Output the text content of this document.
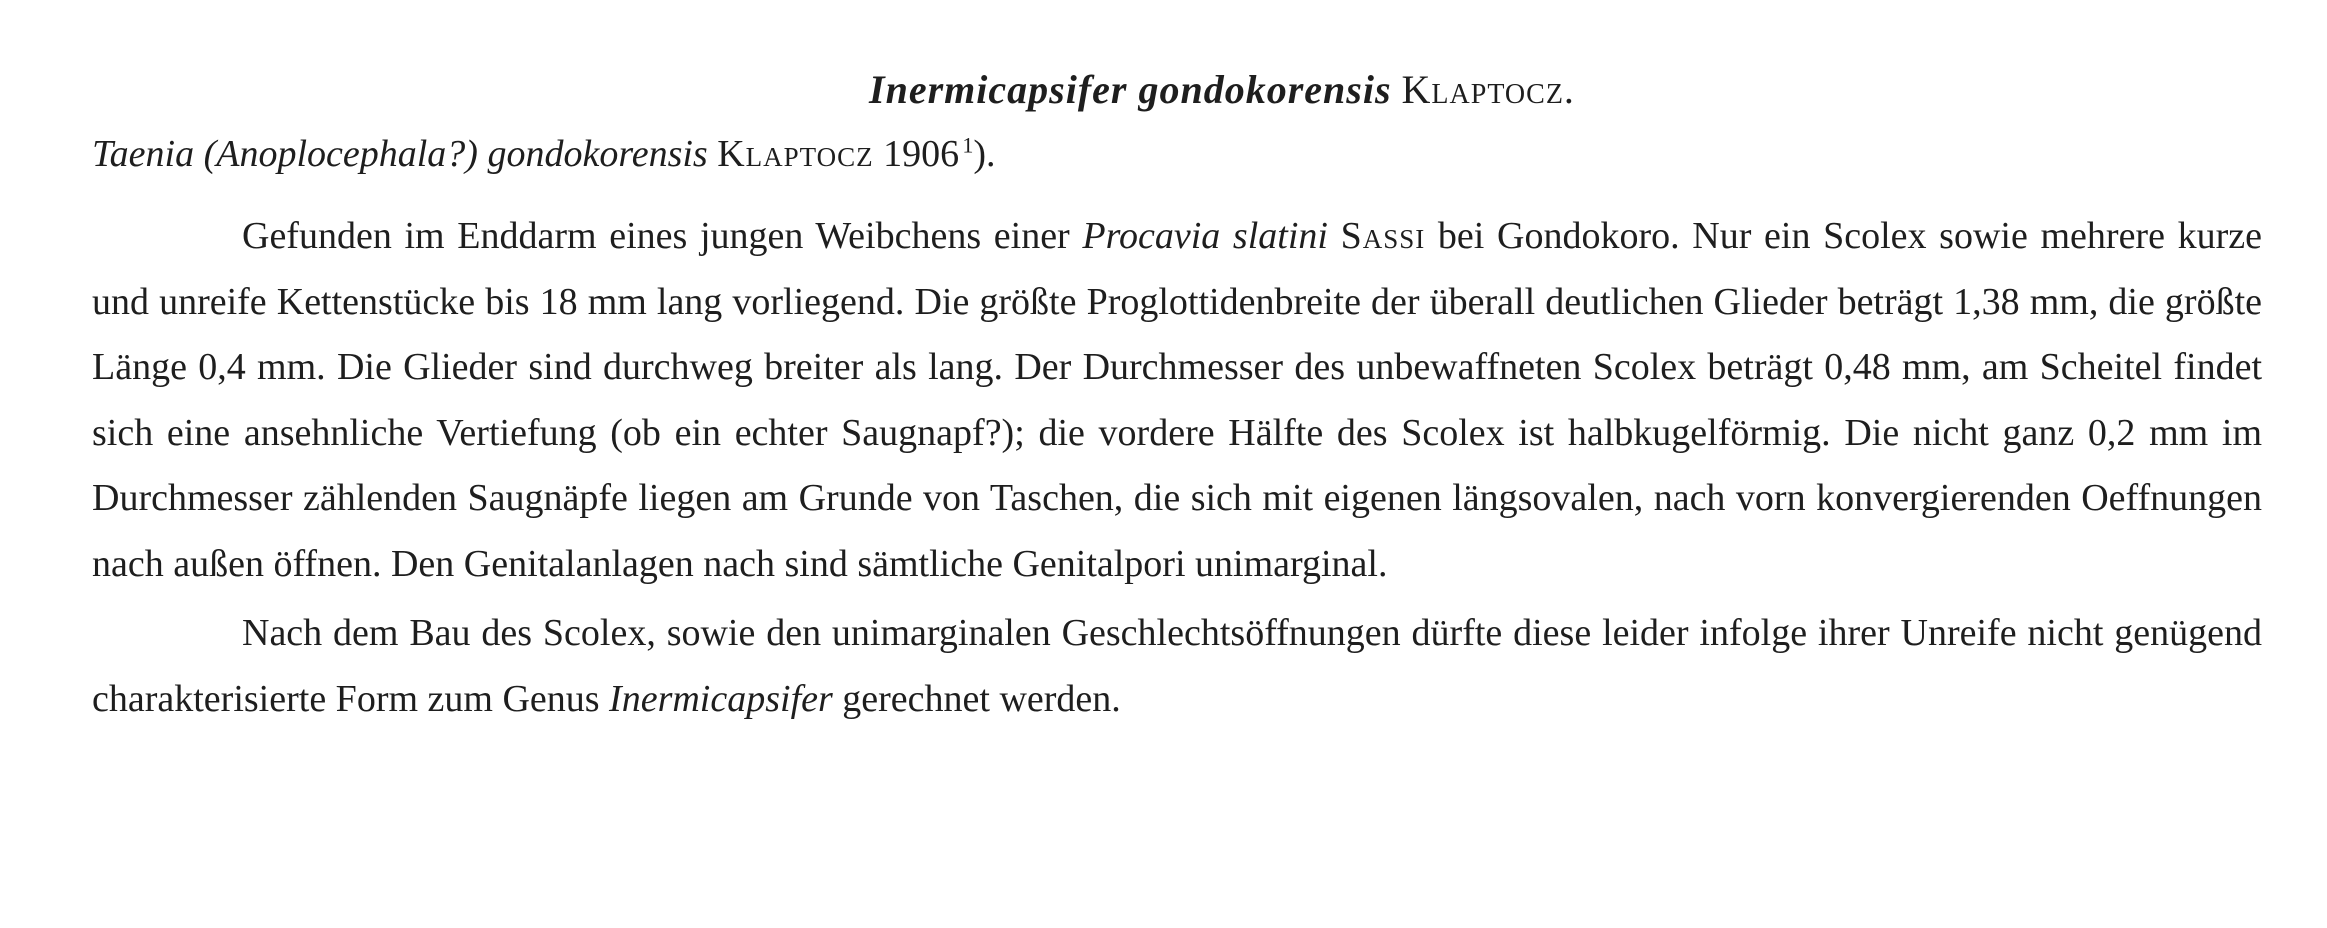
Inermicapsifer gondokorensis Klaptocz.

Taenia (Anoplocephala?) gondokorensis Klaptocz 1906  $^1$).

Gefunden im Enddarm eines jungen Weibchens einer Procavia slatini Sassi bei Gondokoro. Nur ein Scolex sowie mehrere kurze und unreife Kettenstücke bis 18 mm lang vorliegend. Die größte Proglottidenbreite der überall deutlichen Glieder beträgt 1,38 mm, die größte Länge 0,4 mm. Die Glieder sind durchweg breiter als lang. Der Durchmesser des unbewaffneten Scolex beträgt 0,48 mm, am Scheitel findet sich eine ansehnliche Vertiefung (ob ein echter Saugnapf?); die vordere Hälfte des Scolex ist halbkugelförmig. Die nicht ganz 0,2 mm im Durchmesser zählenden Saugnäpfe liegen am Grunde von Taschen, die sich mit eigenen längsovalen, nach vorn konvergierenden Oeffnungen nach außen öffnen. Den Genitalanlagen nach sind sämtliche Genitalpori unimarginal.

Nach dem Bau des Scolex, sowie den unimarginalen Geschlechtsöffnungen dürfte diese leider infolge ihrer Unreife nicht genügend charakterisierte Form zum Genus Inermicapsifer gerechnet werden.
